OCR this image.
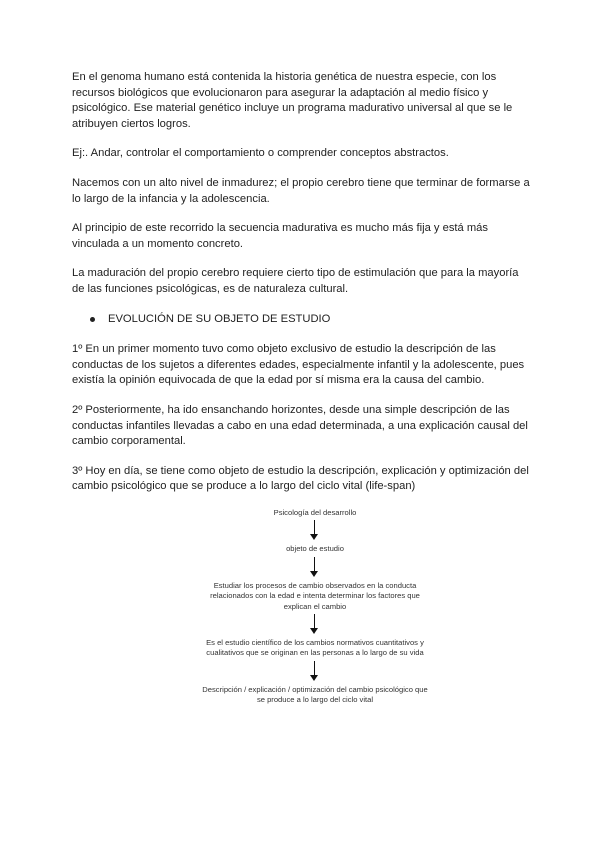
En el genoma humano está contenida la historia genética de nuestra especie, con los recursos biológicos que evolucionaron para asegurar la adaptación al medio físico y psicológico. Ese material genético incluye un programa madurativo universal al que se le atribuyen ciertos logros.

Ej:. Andar, controlar el comportamiento o comprender conceptos abstractos.

Nacemos con un alto nivel de inmadurez; el propio cerebro tiene que terminar de formarse a lo largo de la infancia y la adolescencia.

Al principio de este recorrido la secuencia madurativa es mucho más fija y está más vinculada a un momento concreto.

La maduración del propio cerebro requiere cierto tipo de estimulación que para la mayoría de las funciones psicológicas, es de naturaleza cultural.

EVOLUCIÓN DE SU OBJETO DE ESTUDIO

1º En un primer momento tuvo como objeto exclusivo de estudio la descripción de las conductas de los sujetos a diferentes edades, especialmente infantil y la adolescente, pues existía la opinión equivocada de que la edad por sí misma era la causa del cambio.

2º Posteriormente, ha ido ensanchando horizontes, desde una simple descripción de las conductas infantiles llevadas a cabo en una edad determinada, a una explicación causal del cambio corporamental.

3º Hoy en día, se tiene como objeto de estudio la descripción, explicación y optimización del cambio psicológico que se produce a lo largo del ciclo vital (life-span)

Psicología del desarrollo

objeto de estudio

Estudiar los procesos de cambio observados en la conducta relacionados con la edad e intenta determinar los factores que explican el cambio

Es el estudio científico de los cambios normativos cuantitativos y cualitativos que se originan en las personas a lo largo de su vida

Descripción / explicación / optimización del cambio psicológico que se produce a lo largo del ciclo vital
